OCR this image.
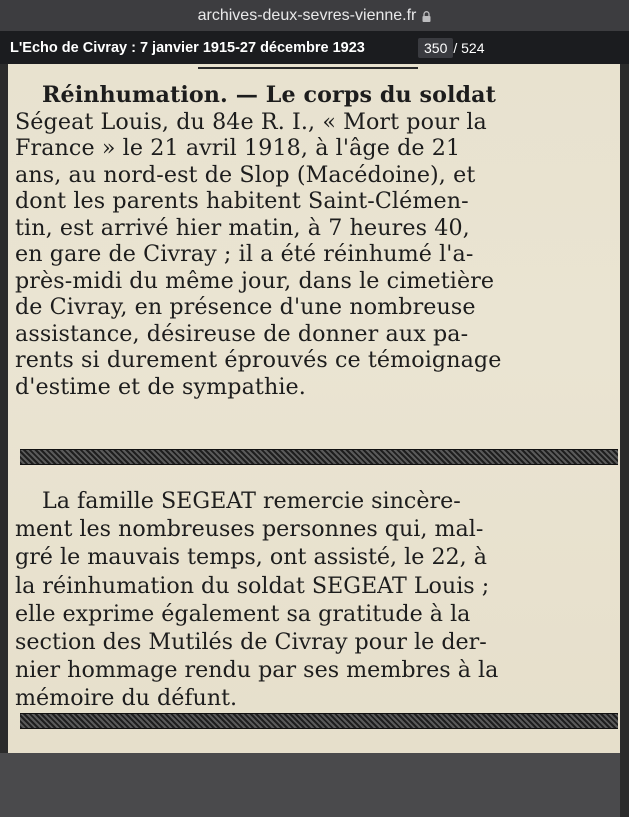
archives-deux-sevres-vienne.fr
L'Echo de Civray : 7 janvier 1915-27 décembre 1923	350 / 524
Réinhumation. — Le corps du soldat
Ségeat Louis, du 84e R. I., « Mort pour la
France » le 21 avril 1918, à l'âge de 21
ans, au nord-est de Slop (Macédoine), et
dont les parents habitent Saint-Clémen-
tin, est arrivé hier matin, à 7 heures 40,
en gare de Civray ; il a été réinhumé l'a-
près-midi du même jour, dans le cimetière
de Civray, en présence d'une nombreuse
assistance, désireuse de donner aux pa-
rents si durement éprouvés ce témoignage
d'estime et de sympathie.
La famille SEGEAT remercie sincère-
ment les nombreuses personnes qui, mal-
gré le mauvais temps, ont assisté, le 22, à
la réinhumation du soldat SEGEAT Louis ;
elle exprime également sa gratitude à la
section des Mutilés de Civray pour le der-
nier hommage rendu par ses membres à la
mémoire du défunt.
